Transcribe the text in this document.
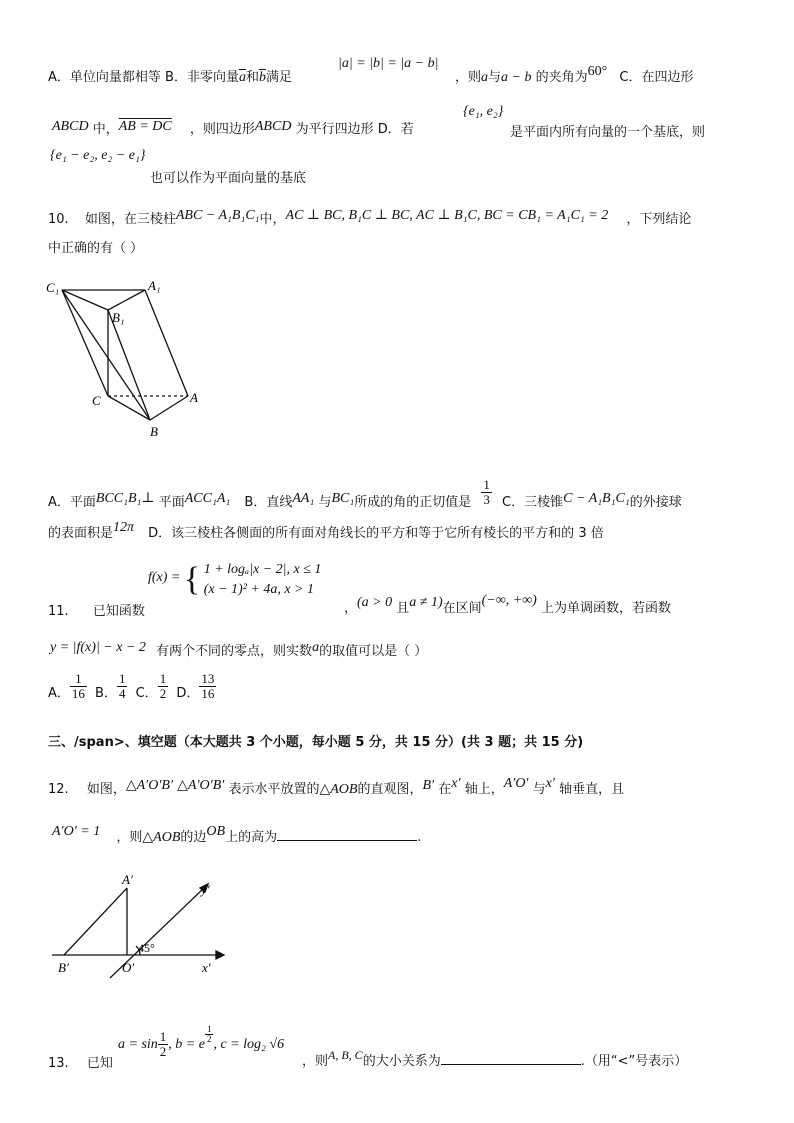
A．单位向量都相等 B．非零向量$\overline{a}$和$\overline{b}$满足
|a| = |b| = |a − b|
，则a与a − b 的夹角为60° C．在四边形
ABCD 中，AB = DC ，则四边形ABCD 为平行四边形 D．若
{e₁, e₂}
是平面内所有向量的一个基底，则
{e₁ − e₂, e₂ − e₁}
也可以作为平面向量的基底
10. 如图，在三棱柱ABC − A₁B₁C₁中，AC ⊥ BC, B₁C ⊥ BC, AC ⊥ B₁C, BC = CB₁ = A₁C₁ = 2 ，下列结论
中正确的有（ ）
C₁	A₁
B₁
C	A
B
A．平面BCC₁B₁⊥ 平面ACC₁A₁ B．直线AA₁ 与BC₁所成的角的正切值是 $\frac{1}{3}$ C．三棱锥C − A₁B₁C₁的外接球
的表面积是12π D．该三棱柱各侧面的所有面对角线长的平方和等于它所有棱长的平方和的 3 倍
f(x) = { 1 + logₐ|x − 2|, x ≤ 1
(x − 1)² + 4a, x > 1
11. 已知函数	，(a > 0 且a ≠ 1)在区间(−∞, +∞) 上为单调函数，若函数
y = |f(x)| − x − 2 有两个不同的零点，则实数a的取值可以是（ ）
A． $\frac{1}{16}$ B． $\frac{1}{4}$ C． $\frac{1}{2}$ D． $\frac{13}{16}$
三、/span>、填空题（本大题共 3 个小题，每小题 5 分，共 15 分）(共 3 题；共 15 分)
12. 如图，△A′O′B′ △A′O′B′ 表示水平放置的△AOB的直观图，B′ 在x′ 轴上，A′O′ 与x′ 轴垂直，且
A′O′ = 1 ，则△AOB的边OB上的高为	.
A′
y′
45°
B′	O′	x′
$a = \sin \frac{1}{2}$ , b = e
$\frac{1}{2}$
, c = log₂ √6
13. 已知	，则A, B, C的大小关系为	.（用“<”号表示）
